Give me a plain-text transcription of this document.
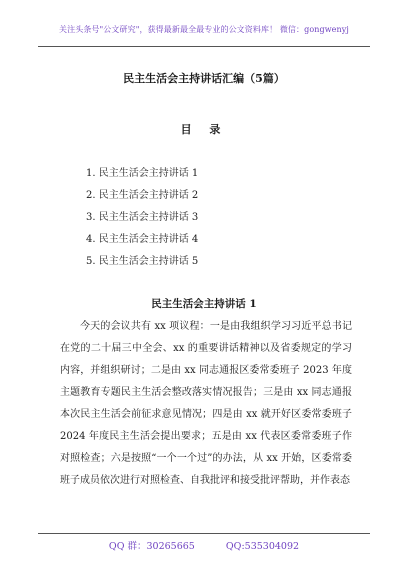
关注头条号"公文研究"，获得最新最全最专业的公文资料库！ 微信：gongwenyj
民主生活会主持讲话汇编（5篇）
目 录
1. 民主生活会主持讲话 1
2. 民主生活会主持讲话 2
3. 民主生活会主持讲话 3
4. 民主生活会主持讲话 4
5. 民主生活会主持讲话 5
民主生活会主持讲话 1

今天的会议共有 xx 项议程：一是由我组织学习习近平总书记在党的二十届三中全会、xx 的重要讲话精神以及省委规定的学习内容，并组织研讨；二是由 xx 同志通报区委常委班子 2023 年度主题教育专题民主生活会整改落实情况报告；三是由 xx 同志通报本次民主生活会前征求意见情况；四是由 xx 就开好区委常委班子 2024 年度民主生活会提出要求；五是由 xx 代表区委常委班子作对照检查；六是按照“一个一个过”的办法，从 xx 开始，区委常委班子成员依次进行对照检查、自我批评和接受批评帮助，并作表态

QQ 群：30265665	QQ:535304092
